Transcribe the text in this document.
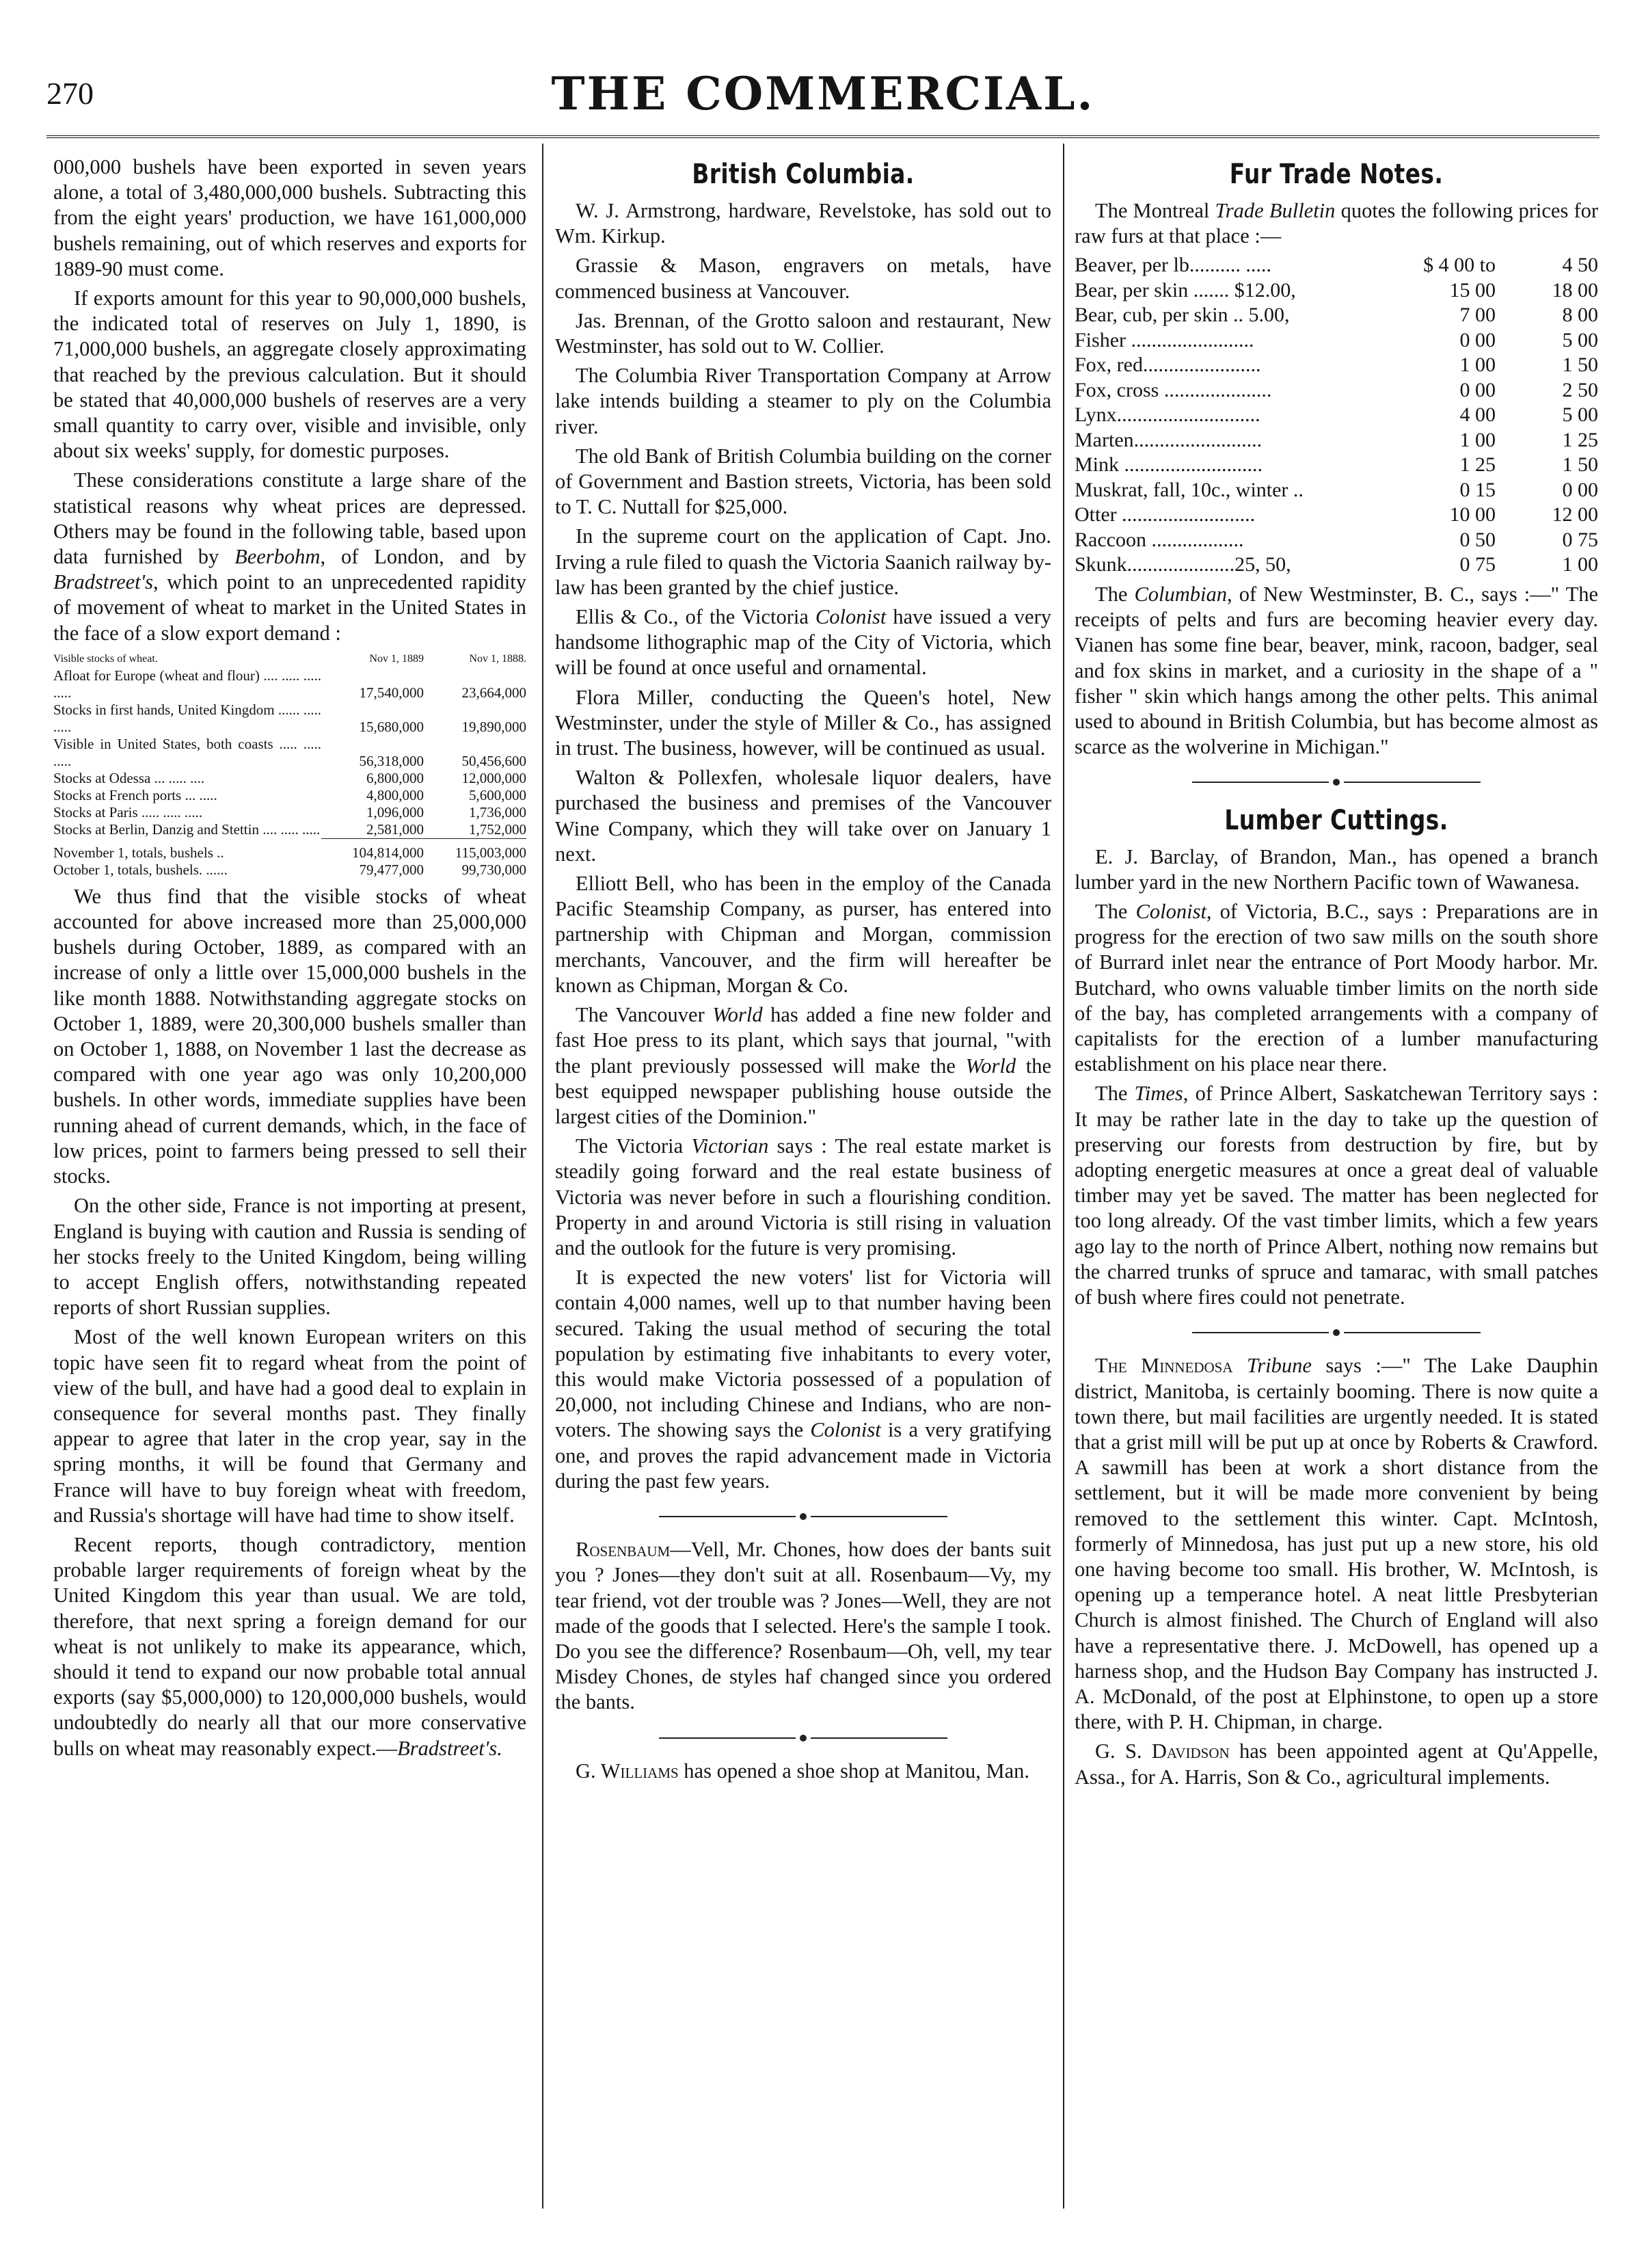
270	THE COMMERCIAL.

000,000 bushels have been exported in seven years alone, a total of 3,480,000,000 bushels. Subtracting this from the eight years' production, we have 161,000,000 bushels remaining, out of which reserves and exports for 1889-90 must come.

If exports amount for this year to 90,000,000 bushels, the indicated total of reserves on July 1, 1890, is 71,000,000 bushels, an aggregate closely approximating that reached by the previous calculation. But it should be stated that 40,000,000 bushels of reserves are a very small quantity to carry over, visible and invisible, only about six weeks' supply, for domestic purposes.

These considerations constitute a large share of the statistical reasons why wheat prices are depressed. Others may be found in the following table, based upon data furnished by Beerbohm, of London, and by Bradstreet's, which point to an unprecedented rapidity of movement of wheat to market in the United States in the face of a slow export demand :

Visible stocks of wheat.	Nov 1, 1889	Nov 1, 1888.
Afloat for Europe (wheat and flour) .... ..... ..... .....	17,540,000	23,664,000
Stocks in first hands, United Kingdom ...... ..... .....	15,680,000	19,890,000
Visible in United States, both coasts ..... ..... .....	56,318,000	50,456,600
Stocks at Odessa ... ..... ....	6,800,000	12,000,000
Stocks at French ports ... .....	4,800,000	5,600,000
Stocks at Paris ..... ..... .....	1,096,000	1,736,000
Stocks at Berlin, Danzig and Stettin .... ..... .....	2,581,000	1,752,000
November 1, totals, bushels ..	104,814,000	115,003,000
October 1, totals, bushels. ......	79,477,000	99,730,000

We thus find that the visible stocks of wheat accounted for above increased more than 25,000,000 bushels during October, 1889, as compared with an increase of only a little over 15,000,000 bushels in the like month 1888. Notwithstanding aggregate stocks on October 1, 1889, were 20,300,000 bushels smaller than on October 1, 1888, on November 1 last the decrease as compared with one year ago was only 10,200,000 bushels. In other words, immediate supplies have been running ahead of current demands, which, in the face of low prices, point to farmers being pressed to sell their stocks.

On the other side, France is not importing at present, England is buying with caution and Russia is sending of her stocks freely to the United Kingdom, being willing to accept English offers, notwithstanding repeated reports of short Russian supplies.

Most of the well known European writers on this topic have seen fit to regard wheat from the point of view of the bull, and have had a good deal to explain in consequence for several months past. They finally appear to agree that later in the crop year, say in the spring months, it will be found that Germany and France will have to buy foreign wheat with freedom, and Russia's shortage will have had time to show itself.

Recent reports, though contradictory, mention probable larger requirements of foreign wheat by the United Kingdom this year than usual. We are told, therefore, that next spring a foreign demand for our wheat is not unlikely to make its appearance, which, should it tend to expand our now probable total annual exports (say $5,000,000) to 120,000,000 bushels, would undoubtedly do nearly all that our more conservative bulls on wheat may reasonably expect.—Bradstreet's.

British Columbia.

W. J. Armstrong, hardware, Revelstoke, has sold out to Wm. Kirkup.

Grassie & Mason, engravers on metals, have commenced business at Vancouver.

Jas. Brennan, of the Grotto saloon and restaurant, New Westminster, has sold out to W. Collier.

The Columbia River Transportation Company at Arrow lake intends building a steamer to ply on the Columbia river.

The old Bank of British Columbia building on the corner of Government and Bastion streets, Victoria, has been sold to T. C. Nuttall for $25,000.

In the supreme court on the application of Capt. Jno. Irving a rule filed to quash the Victoria Saanich railway by-law has been granted by the chief justice.

Ellis & Co., of the Victoria Colonist have issued a very handsome lithographic map of the City of Victoria, which will be found at once useful and ornamental.

Flora Miller, conducting the Queen's hotel, New Westminster, under the style of Miller & Co., has assigned in trust. The business, however, will be continued as usual.

Walton & Pollexfen, wholesale liquor dealers, have purchased the business and premises of the Vancouver Wine Company, which they will take over on January 1 next.

Elliott Bell, who has been in the employ of the Canada Pacific Steamship Company, as purser, has entered into partnership with Chipman and Morgan, commission merchants, Vancouver, and the firm will hereafter be known as Chipman, Morgan & Co.

The Vancouver World has added a fine new folder and fast Hoe press to its plant, which says that journal, "with the plant previously possessed will make the World the best equipped newspaper publishing house outside the largest cities of the Dominion."

The Victoria Victorian says : The real estate market is steadily going forward and the real estate business of Victoria was never before in such a flourishing condition. Property in and around Victoria is still rising in valuation and the outlook for the future is very promising.

It is expected the new voters' list for Victoria will contain 4,000 names, well up to that number having been secured. Taking the usual method of securing the total population by estimating five inhabitants to every voter, this would make Victoria possessed of a population of 20,000, not including Chinese and Indians, who are non-voters. The showing says the Colonist is a very gratifying one, and proves the rapid advancement made in Victoria during the past few years.

Rosenbaum—Vell, Mr. Chones, how does der bants suit you ? Jones—they don't suit at all. Rosenbaum—Vy, my tear friend, vot der trouble was ? Jones—Well, they are not made of the goods that I selected. Here's the sample I took. Do you see the difference? Rosenbaum—Oh, vell, my tear Misdey Chones, de styles haf changed since you ordered the bants.

G. Williams has opened a shoe shop at Manitou, Man.

Fur Trade Notes.

The Montreal Trade Bulletin quotes the following prices for raw furs at that place :—

Beaver, per lb.......... .....	$ 4 00 to	4 50
Bear, per skin ....... $12.00,	15 00	18 00
Bear, cub, per skin .. 5.00,	7 00	8 00
Fisher ........................	0 00	5 00
Fox, red.......................	1 00	1 50
Fox, cross .....................	0 00	2 50
Lynx............................	4 00	5 00
Marten.........................	1 00	1 25
Mink ...........................	1 25	1 50
Muskrat, fall, 10c., winter ..	0 15	0 00
Otter ..........................	10 00	12 00
Raccoon ..................	0 50	0 75
Skunk.....................25, 50,	0 75	1 00

The Columbian, of New Westminster, B. C., says :—" The receipts of pelts and furs are becoming heavier every day. Vianen has some fine bear, beaver, mink, racoon, badger, seal and fox skins in market, and a curiosity in the shape of a " fisher " skin which hangs among the other pelts. This animal used to abound in British Columbia, but has become almost as scarce as the wolverine in Michigan."

Lumber Cuttings.

E. J. Barclay, of Brandon, Man., has opened a branch lumber yard in the new Northern Pacific town of Wawanesa.

The Colonist, of Victoria, B.C., says : Preparations are in progress for the erection of two saw mills on the south shore of Burrard inlet near the entrance of Port Moody harbor. Mr. Butchard, who owns valuable timber limits on the north side of the bay, has completed arrangements with a company of capitalists for the erection of a lumber manufacturing establishment on his place near there.

The Times, of Prince Albert, Saskatchewan Territory says : It may be rather late in the day to take up the question of preserving our forests from destruction by fire, but by adopting energetic measures at once a great deal of valuable timber may yet be saved. The matter has been neglected for too long already. Of the vast timber limits, which a few years ago lay to the north of Prince Albert, nothing now remains but the charred trunks of spruce and tamarac, with small patches of bush where fires could not penetrate.

The Minnedosa Tribune says :—" The Lake Dauphin district, Manitoba, is certainly booming. There is now quite a town there, but mail facilities are urgently needed. It is stated that a grist mill will be put up at once by Roberts & Crawford. A sawmill has been at work a short distance from the settlement, but it will be made more convenient by being removed to the settlement this winter. Capt. McIntosh, formerly of Minnedosa, has just put up a new store, his old one having become too small. His brother, W. McIntosh, is opening up a temperance hotel. A neat little Presbyterian Church is almost finished. The Church of England will also have a representative there. J. McDowell, has opened up a harness shop, and the Hudson Bay Company has instructed J. A. McDonald, of the post at Elphinstone, to open up a store there, with P. H. Chipman, in charge.

G. S. Davidson has been appointed agent at Qu'Appelle, Assa., for A. Harris, Son & Co., agricultural implements.
